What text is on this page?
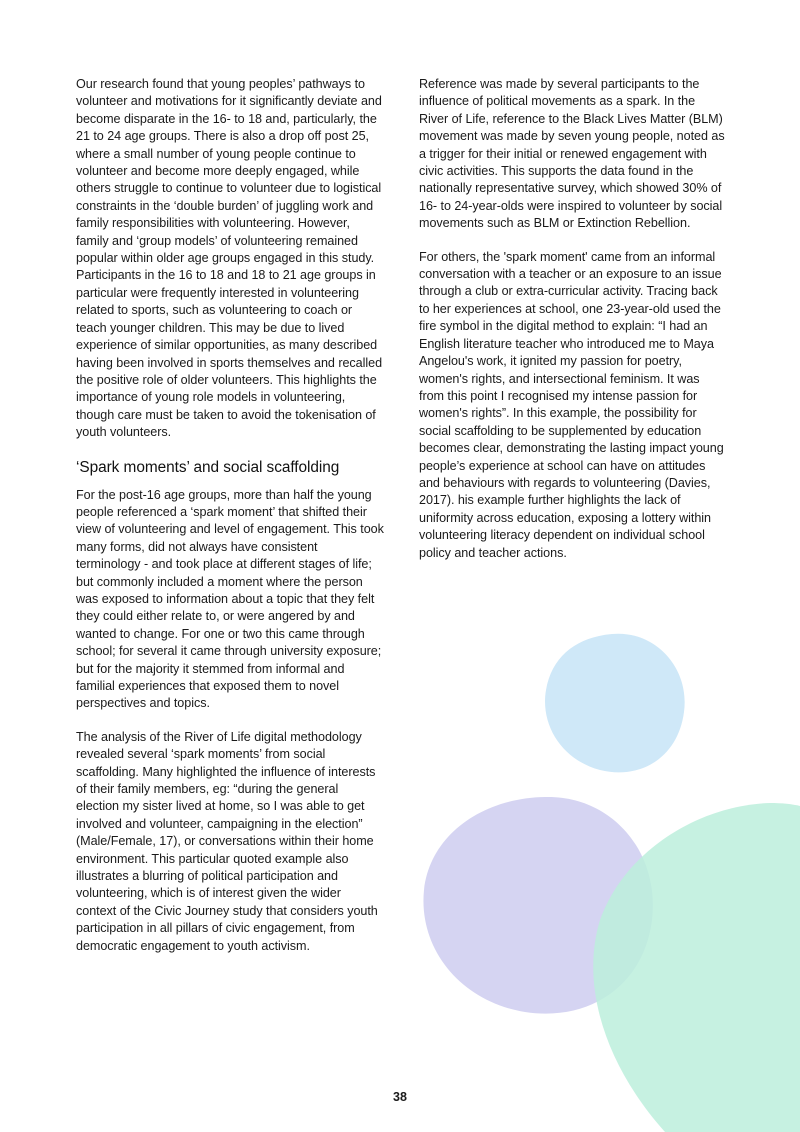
Our research found that young peoples’ pathways to volunteer and motivations for it significantly deviate and become disparate in the 16- to 18 and, particularly, the 21 to 24 age groups. There is also a drop off post 25, where a small number of young people continue to volunteer and become more deeply engaged, while others struggle to continue to volunteer due to logistical constraints in the ‘double burden’ of juggling work and family responsibilities with volunteering. However, family and ‘group models’ of volunteering remained popular within older age groups engaged in this study. Participants in the 16 to 18 and 18 to 21 age groups in particular were frequently interested in volunteering related to sports, such as volunteering to coach or teach younger children. This may be due to lived experience of similar opportunities, as many described having been involved in sports themselves and recalled the positive role of older volunteers. This highlights the importance of young role models in volunteering, though care must be taken to avoid the tokenisation of youth volunteers.

‘Spark moments’ and social scaffolding

For the post-16 age groups, more than half the young people referenced a ‘spark moment’ that shifted their view of volunteering and level of engagement. This took many forms, did not always have consistent terminology - and took place at different stages of life; but commonly included a moment where the person was exposed to information about a topic that they felt they could either relate to, or were angered by and wanted to change. For one or two this came through school; for several it came through university exposure; but for the majority it stemmed from informal and familial experiences that exposed them to novel perspectives and topics.

The analysis of the River of Life digital methodology revealed several ‘spark moments’ from social scaffolding. Many highlighted the influence of interests of their family members, eg: “during the general election my sister lived at home, so I was able to get involved and volunteer, campaigning in the election” (Male/Female, 17), or conversations within their home environment. This particular quoted example also illustrates a blurring of political participation and volunteering, which is of interest given the wider context of the Civic Journey study that considers youth participation in all pillars of civic engagement, from democratic engagement to youth activism.

Reference was made by several participants to the influence of political movements as a spark. In the River of Life, reference to the Black Lives Matter (BLM) movement was made by seven young people, noted as a trigger for their initial or renewed engagement with civic activities. This supports the data found in the nationally representative survey, which showed 30% of 16- to 24-year-olds were inspired to volunteer by social movements such as BLM or Extinction Rebellion.

For others, the 'spark moment' came from an informal conversation with a teacher or an exposure to an issue through a club or extra-curricular activity. Tracing back to her experiences at school, one 23-year-old used the fire symbol in the digital method to explain: “I had an English literature teacher who introduced me to Maya Angelou's work, it ignited my passion for poetry, women's rights, and intersectional feminism. It was from this point I recognised my intense passion for women's rights”. In this example, the possibility for social scaffolding to be supplemented by education becomes clear, demonstrating the lasting impact young people’s experience at school can have on attitudes and behaviours with regards to volunteering (Davies, 2017). his example further highlights the lack of uniformity across education, exposing a lottery within volunteering literacy dependent on individual school policy and teacher actions.

38
